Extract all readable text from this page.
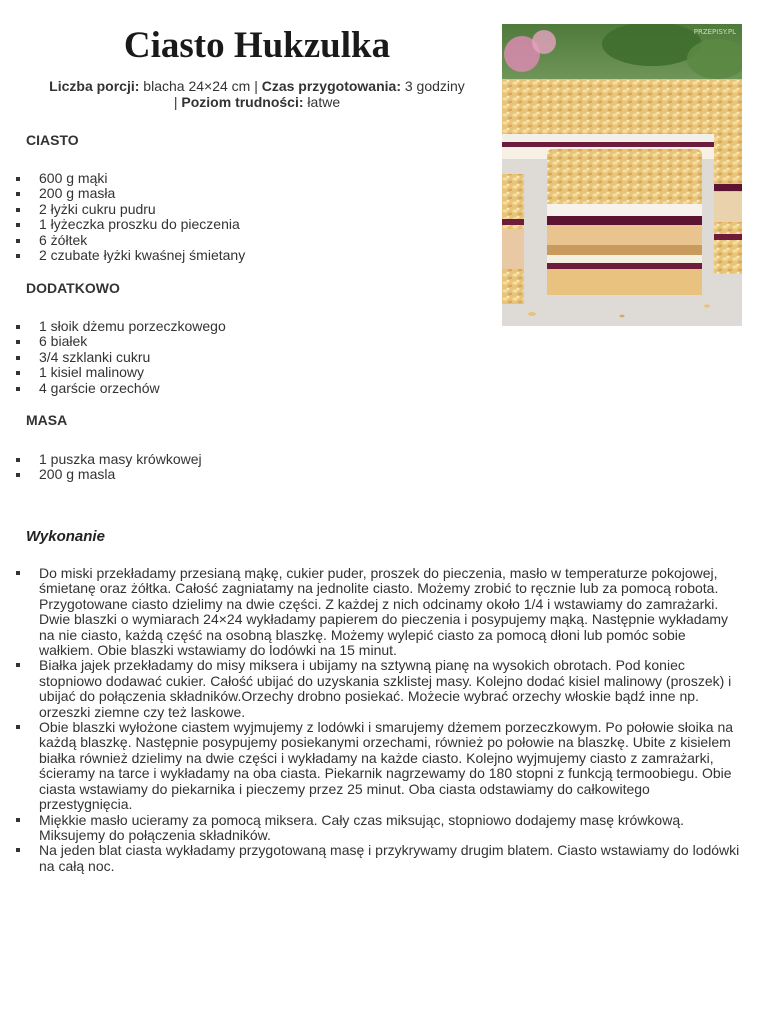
Ciasto Hukzulka
Liczba porcji: blacha 24×24 cm | Czas przygotowania: 3 godziny
| Poziom trudności: łatwe
PRZEPISY.PL
CIASTO
600 g mąki
200 g masła
2 łyżki cukru pudru
1 łyżeczka proszku do pieczenia
6 żółtek
2 czubate łyżki kwaśnej śmietany
DODATKOWO
1 słoik dżemu porzeczkowego
6 białek
3/4 szklanki cukru
1 kisiel malinowy
4 garście orzechów
MASA
1 puszka masy krówkowej
200 g masla
Wykonanie
Do miski przekładamy przesianą mąkę, cukier puder, proszek do pieczenia, masło w temperaturze pokojowej, śmietanę oraz żółtka. Całość zagniatamy na jednolite ciasto. Możemy zrobić to ręcznie lub za pomocą robota. Przygotowane ciasto dzielimy na dwie części. Z każdej z nich odcinamy około 1/4 i wstawiamy do zamrażarki. Dwie blaszki o wymiarach 24×24 wykładamy papierem do pieczenia i posypujemy mąką. Następnie wykładamy na nie ciasto, każdą część na osobną blaszkę. Możemy wylepić ciasto za pomocą dłoni lub pomóc sobie wałkiem. Obie blaszki wstawiamy do lodówki na 15 minut.
Białka jajek przekładamy do misy miksera i ubijamy na sztywną pianę na wysokich obrotach. Pod koniec stopniowo dodawać cukier. Całość ubijać do uzyskania szklistej masy. Kolejno dodać kisiel malinowy (proszek) i ubijać do połączenia składników.Orzechy drobno posiekać. Możecie wybrać orzechy włoskie bądź inne np. orzeszki ziemne czy też laskowe.
Obie blaszki wyłożone ciastem wyjmujemy z lodówki i smarujemy dżemem porzeczkowym. Po połowie słoika na każdą blaszkę. Następnie posypujemy posiekanymi orzechami, również po połowie na blaszkę. Ubite z kisielem białka również dzielimy na dwie części i wykładamy na każde ciasto. Kolejno wyjmujemy ciasto z zamrażarki, ścieramy na tarce i wykładamy na oba ciasta. Piekarnik nagrzewamy do 180 stopni z funkcją termoobiegu. Obie ciasta wstawiamy do piekarnika i pieczemy przez 25 minut. Oba ciasta odstawiamy do całkowitego przestygnięcia.
Miękkie masło ucieramy za pomocą miksera. Cały czas miksując, stopniowo dodajemy masę krówkową. Miksujemy do połączenia składników.
Na jeden blat ciasta wykładamy przygotowaną masę i przykrywamy drugim blatem. Ciasto wstawiamy do lodówki na całą noc.
